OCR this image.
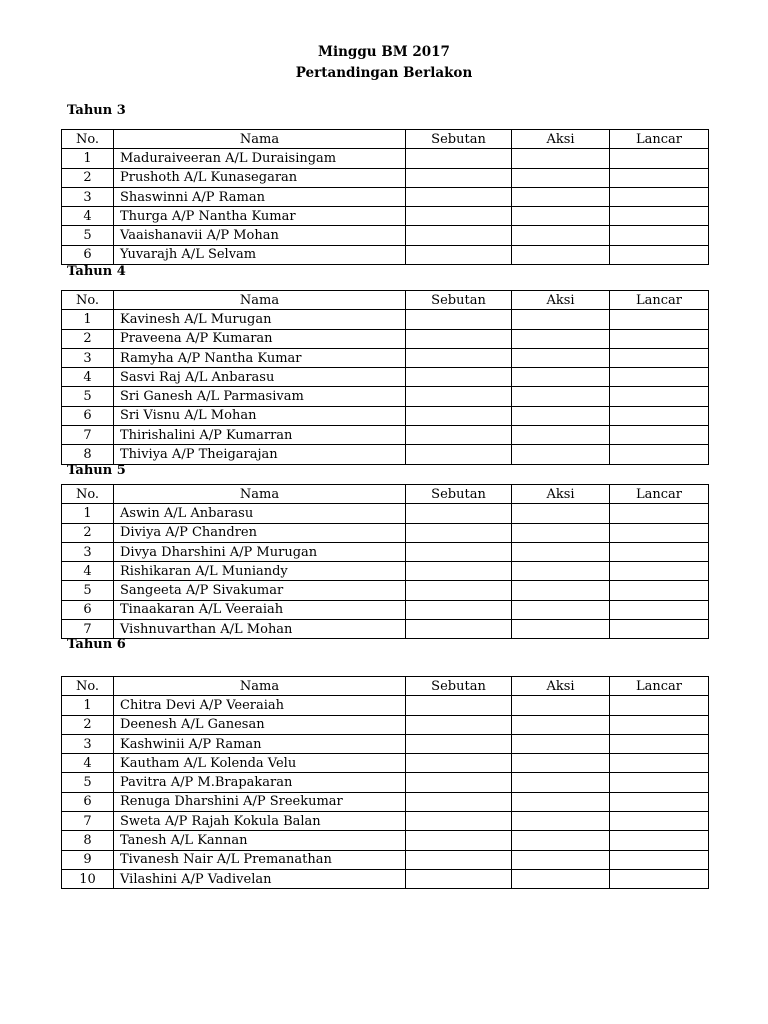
Minggu BM 2017
Pertandingan Berlakon
Tahun 3
No.	Nama	Sebutan	Aksi	Lancar
1	Maduraiveeran A/L Duraisingam			
2	Prushoth A/L Kunasegaran			
3	Shaswinni A/P Raman			
4	Thurga A/P Nantha Kumar			
5	Vaaishanavii A/P Mohan			
6	Yuvarajh A/L Selvam			
Tahun 4
No.	Nama	Sebutan	Aksi	Lancar
1	Kavinesh A/L Murugan			
2	Praveena A/P Kumaran			
3	Ramyha A/P Nantha Kumar			
4	Sasvi Raj A/L Anbarasu			
5	Sri Ganesh A/L Parmasivam			
6	Sri Visnu A/L Mohan			
7	Thirishalini A/P Kumarran			
8	Thiviya A/P Theigarajan			
Tahun 5
No.	Nama	Sebutan	Aksi	Lancar
1	Aswin A/L Anbarasu			
2	Diviya A/P Chandren			
3	Divya Dharshini A/P Murugan			
4	Rishikaran A/L Muniandy			
5	Sangeeta A/P Sivakumar			
6	Tinaakaran A/L Veeraiah			
7	Vishnuvarthan A/L Mohan			
Tahun 6
No.	Nama	Sebutan	Aksi	Lancar
1	Chitra Devi A/P Veeraiah			
2	Deenesh A/L Ganesan			
3	Kashwinii A/P Raman			
4	Kautham A/L Kolenda Velu			
5	Pavitra A/P M.Brapakaran			
6	Renuga Dharshini A/P Sreekumar			
7	Sweta A/P Rajah Kokula Balan			
8	Tanesh A/L Kannan			
9	Tivanesh Nair A/L Premanathan			
10	Vilashini A/P Vadivelan			
